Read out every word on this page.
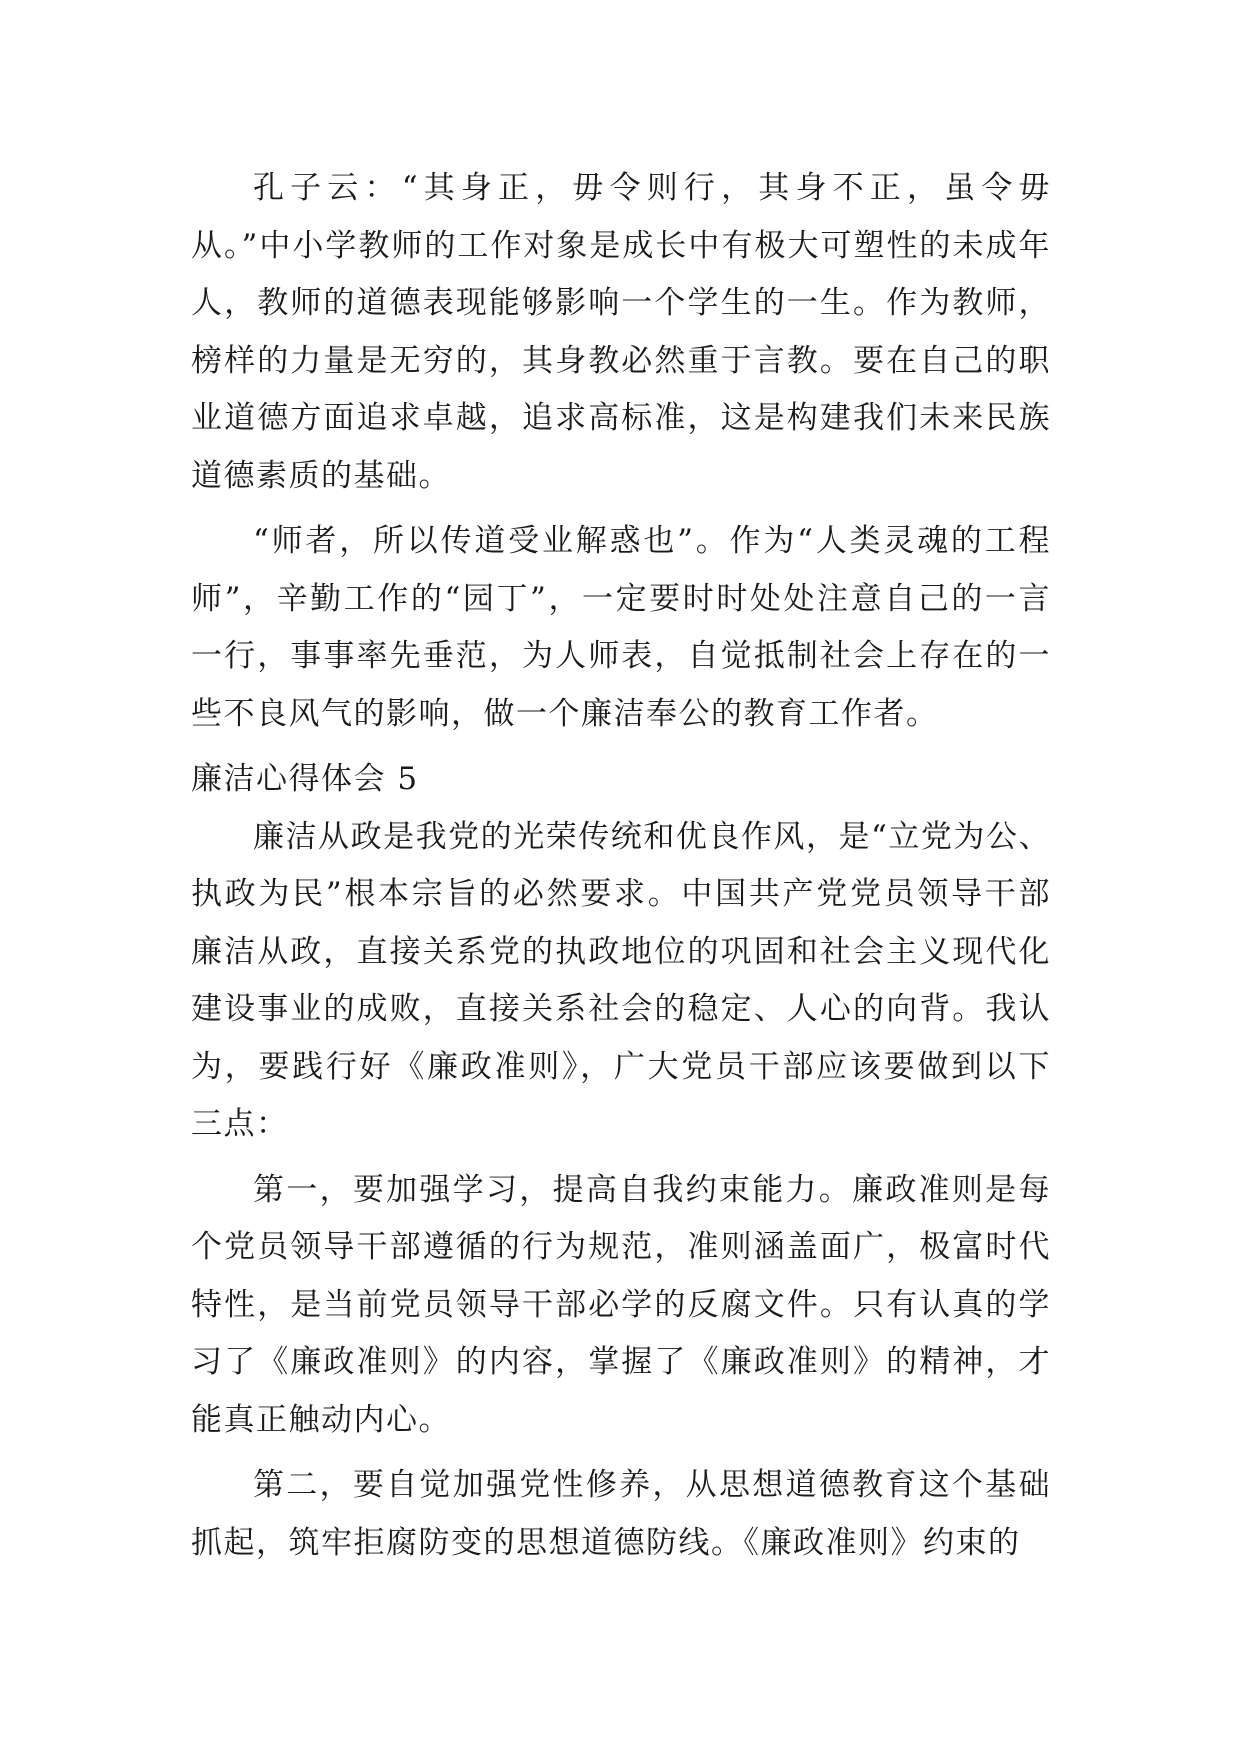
孔子云：“其身正，毋令则行，其身不正，虽令毋从。”中小学教师的工作对象是成长中有极大可塑性的未成年人，教师的道德表现能够影响一个学生的一生。作为教师，榜样的力量是无穷的，其身教必然重于言教。要在自己的职业道德方面追求卓越，追求高标准，这是构建我们未来民族道德素质的基础。

“师者，所以传道受业解惑也”。作为“人类灵魂的工程师”，辛勤工作的“园丁”，一定要时时处处注意自己的一言一行，事事率先垂范，为人师表，自觉抵制社会上存在的一些不良风气的影响，做一个廉洁奉公的教育工作者。

廉洁心得体会 5

廉洁从政是我党的光荣传统和优良作风，是“立党为公、执政为民”根本宗旨的必然要求。中国共产党党员领导干部廉洁从政，直接关系党的执政地位的巩固和社会主义现代化建设事业的成败，直接关系社会的稳定、人心的向背。我认为，要践行好《廉政准则》，广大党员干部应该要做到以下三点：

第一，要加强学习，提高自我约束能力。廉政准则是每个党员领导干部遵循的行为规范，准则涵盖面广，极富时代特性，是当前党员领导干部必学的反腐文件。只有认真的学习了《廉政准则》的内容，掌握了《廉政准则》的精神，才能真正触动内心。

第二，要自觉加强党性修养，从思想道德教育这个基础抓起，筑牢拒腐防变的思想道德防线。《廉政准则》约束的
